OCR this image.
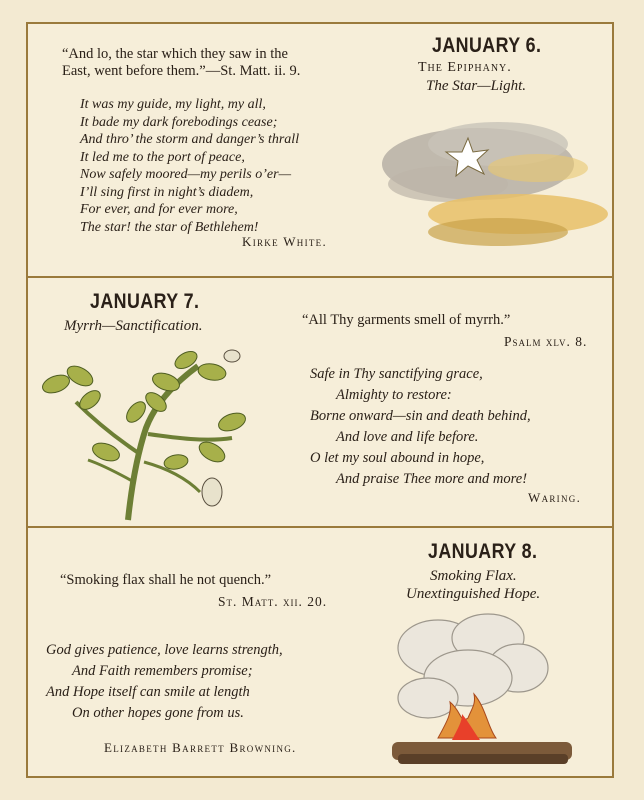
“And lo, the star which they saw in the
East, went before them.”—St. Matt. ii. 9.
It was my guide, my light, my all,
It bade my dark forebodings cease;
And thro’ the storm and danger’s thrall
It led me to the port of peace,
Now safely moored—my perils o’er—
I’ll sing first in night’s diadem,
For ever, and for ever more,
The star! the star of Bethlehem!
Kirke White.
JANUARY 6.
The Epiphany.
The Star—Light.
JANUARY 7.
Myrrh—Sanctification.	“All Thy garments smell of myrrh.”
Psalm xlv. 8.
Safe in Thy sanctifying grace,
Almighty to restore:
Borne onward—sin and death behind,
And love and life before.
O let my soul abound in hope,
And praise Thee more and more!
Waring.
JANUARY 8.
Smoking Flax.
Unextinguished Hope.
“Smoking flax shall he not quench.”
St. Matt. xii. 20.
God gives patience, love learns strength,
And Faith remembers promise;
And Hope itself can smile at length
On other hopes gone from us.
Elizabeth Barrett Browning.
